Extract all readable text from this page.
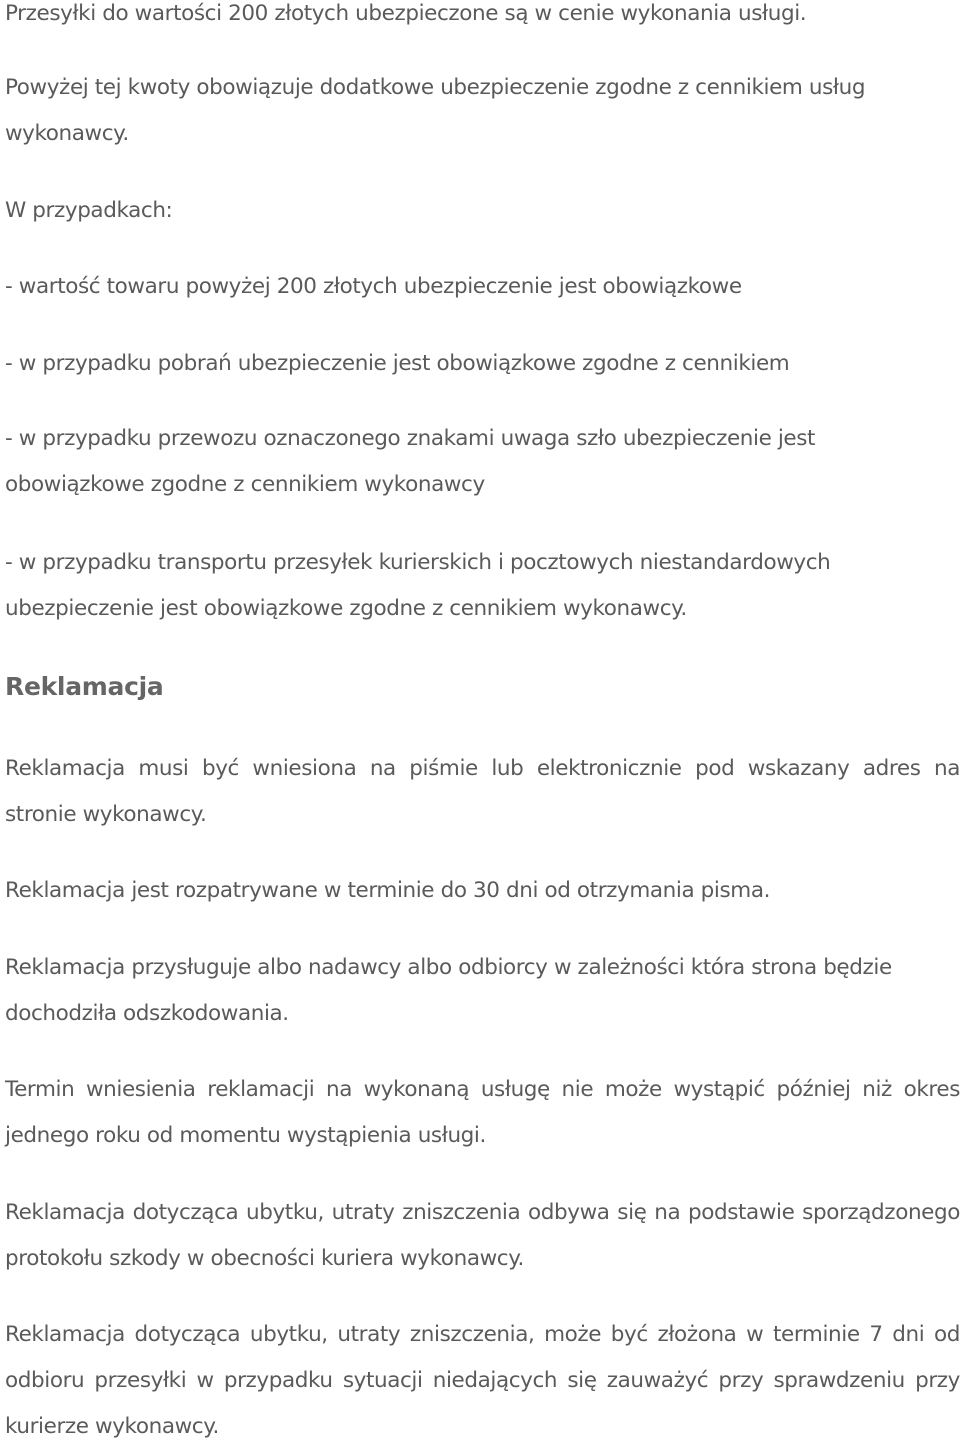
Przesyłki do wartości 200 złotych ubezpieczone są w cenie wykonania usługi.

Powyżej tej kwoty obowiązuje dodatkowe ubezpieczenie zgodne z cennikiem usług wykonawcy.

W przypadkach:

- wartość towaru powyżej 200 złotych ubezpieczenie jest obowiązkowe

- w przypadku pobrań ubezpieczenie jest obowiązkowe zgodne z cennikiem

- w przypadku przewozu oznaczonego znakami uwaga szło ubezpieczenie jest obowiązkowe zgodne z cennikiem wykonawcy

- w przypadku transportu przesyłek kurierskich i pocztowych niestandardowych ubezpieczenie jest obowiązkowe zgodne z cennikiem wykonawcy.

Reklamacja

Reklamacja musi być wniesiona na piśmie lub elektronicznie pod wskazany adres na stronie wykonawcy.

Reklamacja jest rozpatrywane w terminie do 30 dni od otrzymania pisma.

Reklamacja przysługuje albo nadawcy albo odbiorcy w zależności która strona będzie dochodziła odszkodowania.

Termin wniesienia reklamacji na wykonaną usługę nie może wystąpić później niż okres jednego roku od momentu wystąpienia usługi.

Reklamacja dotycząca ubytku, utraty zniszczenia odbywa się na podstawie sporządzonego protokołu szkody w obecności kuriera wykonawcy.

Reklamacja dotycząca ubytku, utraty zniszczenia, może być złożona w terminie 7 dni od odbioru przesyłki w przypadku sytuacji niedających się zauważyć przy sprawdzeniu przy kurierze wykonawcy.
